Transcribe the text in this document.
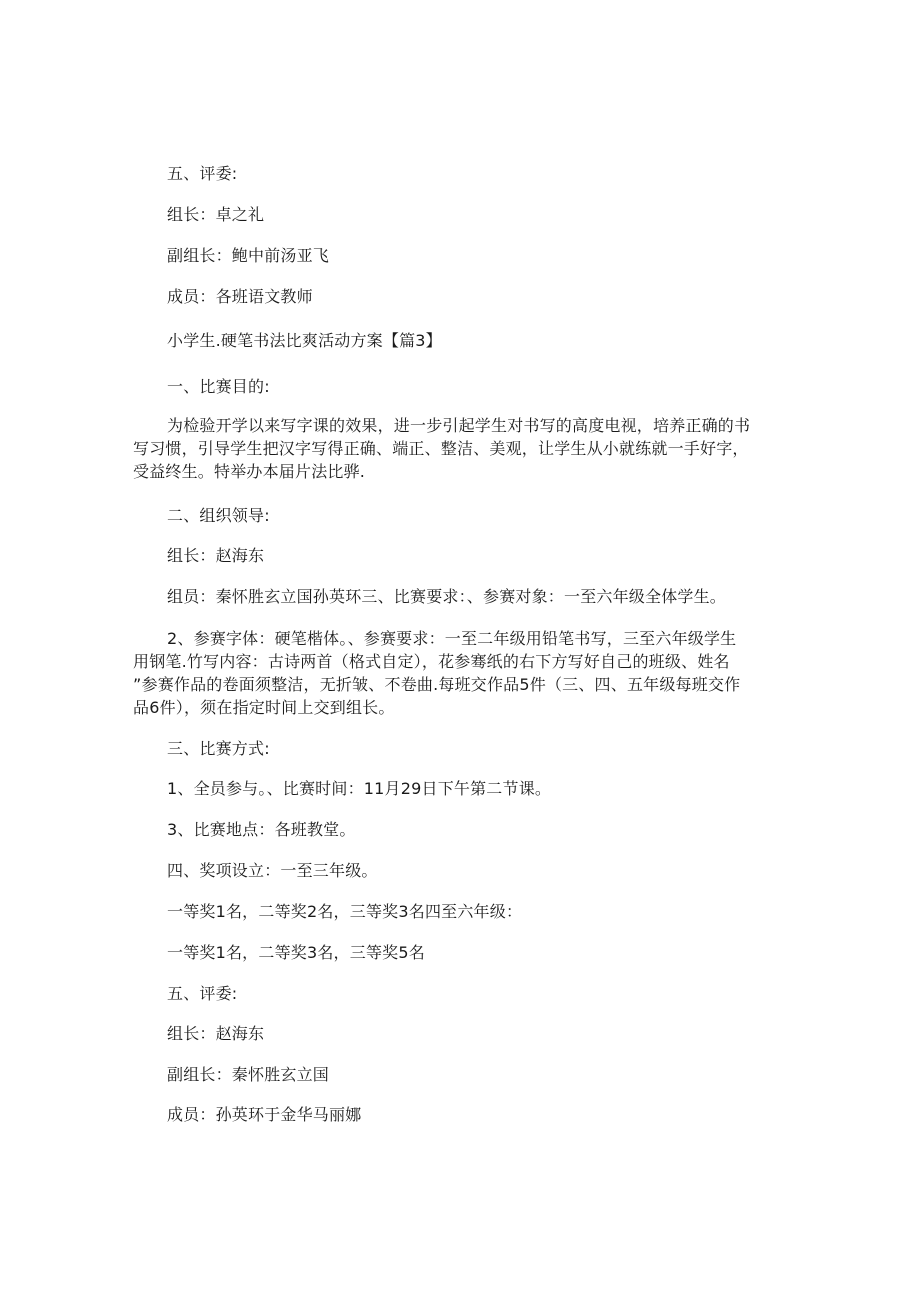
五、评委:
组长：卓之礼
副组长：鲍中前汤亚飞
成员：各班语文教师
小学生.硬笔书法比爽活动方案【篇3】
一、比赛目的:
为检验开学以来写字课的效果，进一步引起学生对书写的高度电视，培养正确的书
写习惯，引导学生把汉字写得正确、端正、整洁、美观，让学生从小就练就一手好字，
受益终生。特举办本届片法比骅.
二、组织领导:
组长：赵海东
组员：秦怀胜玄立国孙英环三、比赛要求：、参赛对象：一至六年级全体学生。
2、参赛字体：硬笔楷体。、参赛要求：一至二年级用铅笔书写，三至六年级学生
用钢笔.竹写内容：古诗两首（格式自定），花参骞纸的右下方写好自己的班级、姓名
”参赛作品的卷面须整洁，无折皱、不卷曲.每班交作品5件（三、四、五年级每班交作
品6件），须在指定时间上交到组长。
三、比赛方式:
1、全员参与。、比赛时间：11月29日下午第二节课。
3、比赛地点：各班教堂。
四、奖项设立：一至三年级。
一等奖1名，二等奖2名，三等奖3名四至六年级：
一等奖1名，二等奖3名，三等奖5名
五、评委:
组长：赵海东
副组长：秦怀胜玄立国
成员：孙英环于金华马丽娜
